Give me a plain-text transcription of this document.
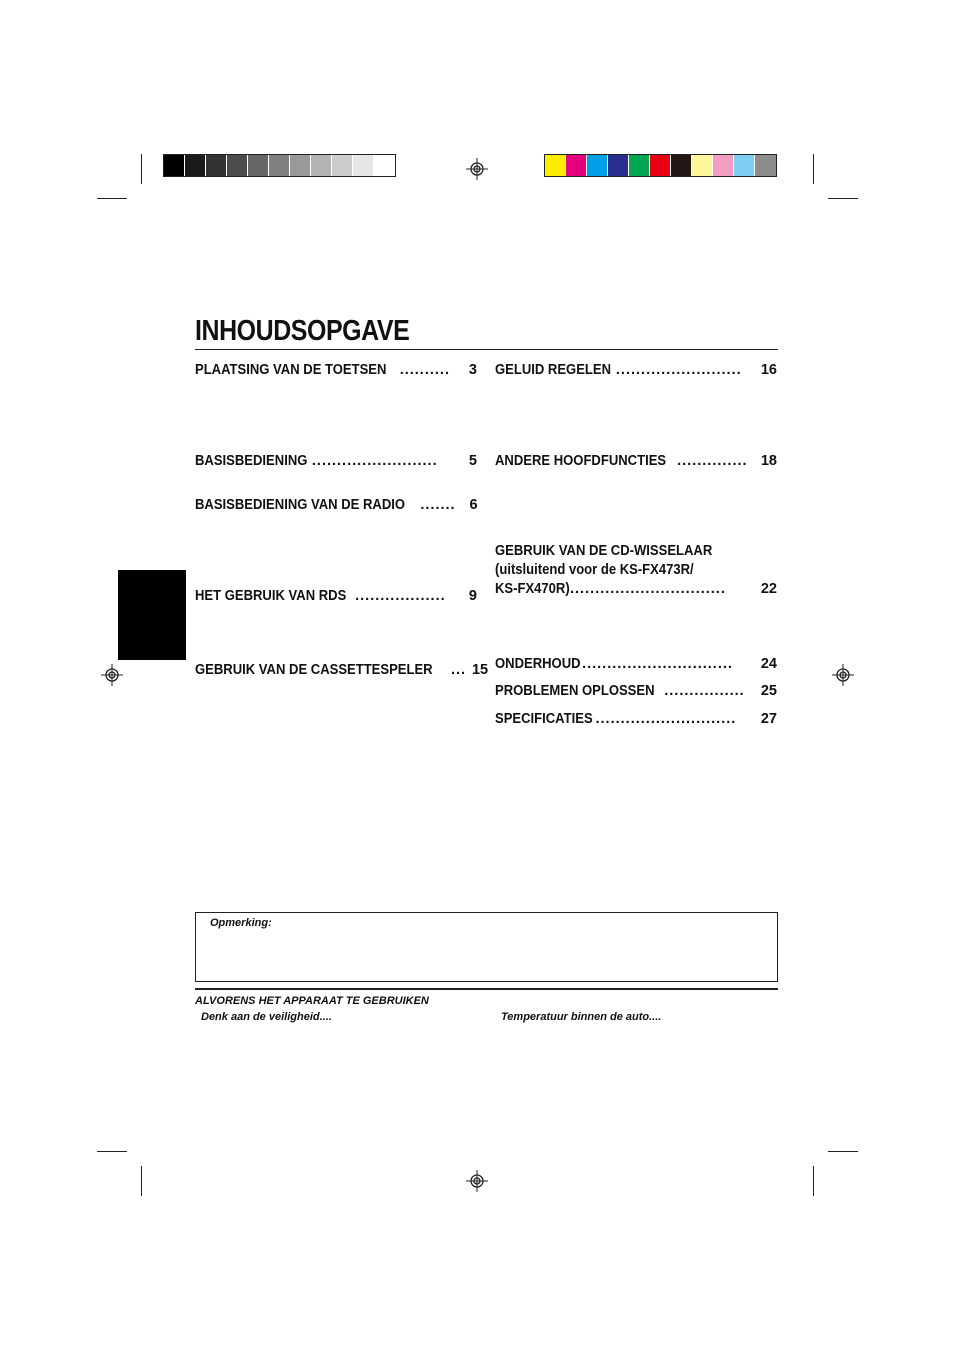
INHOUDSOPGAVE
PLAATSING VAN DE TOETSEN ..........	3
BASISBEDIENING .........................	5
BASISBEDIENING VAN DE RADIO ....... 6
HET GEBRUIK VAN RDS ..................	9
GEBRUIK VAN DE CASSETTESPELER ... 15
GELUID REGELEN .........................	16
ANDERE HOOFDFUNCTIES .............. 18
GEBRUIK VAN DE CD-WISSELAAR
(uitsluitend voor de KS-FX473R/
KS-FX470R) ...............................	22
ONDERHOUD ..............................	24
PROBLEMEN OPLOSSEN ................	25
SPECIFICATIES ............................	27
Opmerking:
ALVORENS HET APPARAAT TE GEBRUIKEN
Denk aan de veiligheid....	Temperatuur binnen de auto....
